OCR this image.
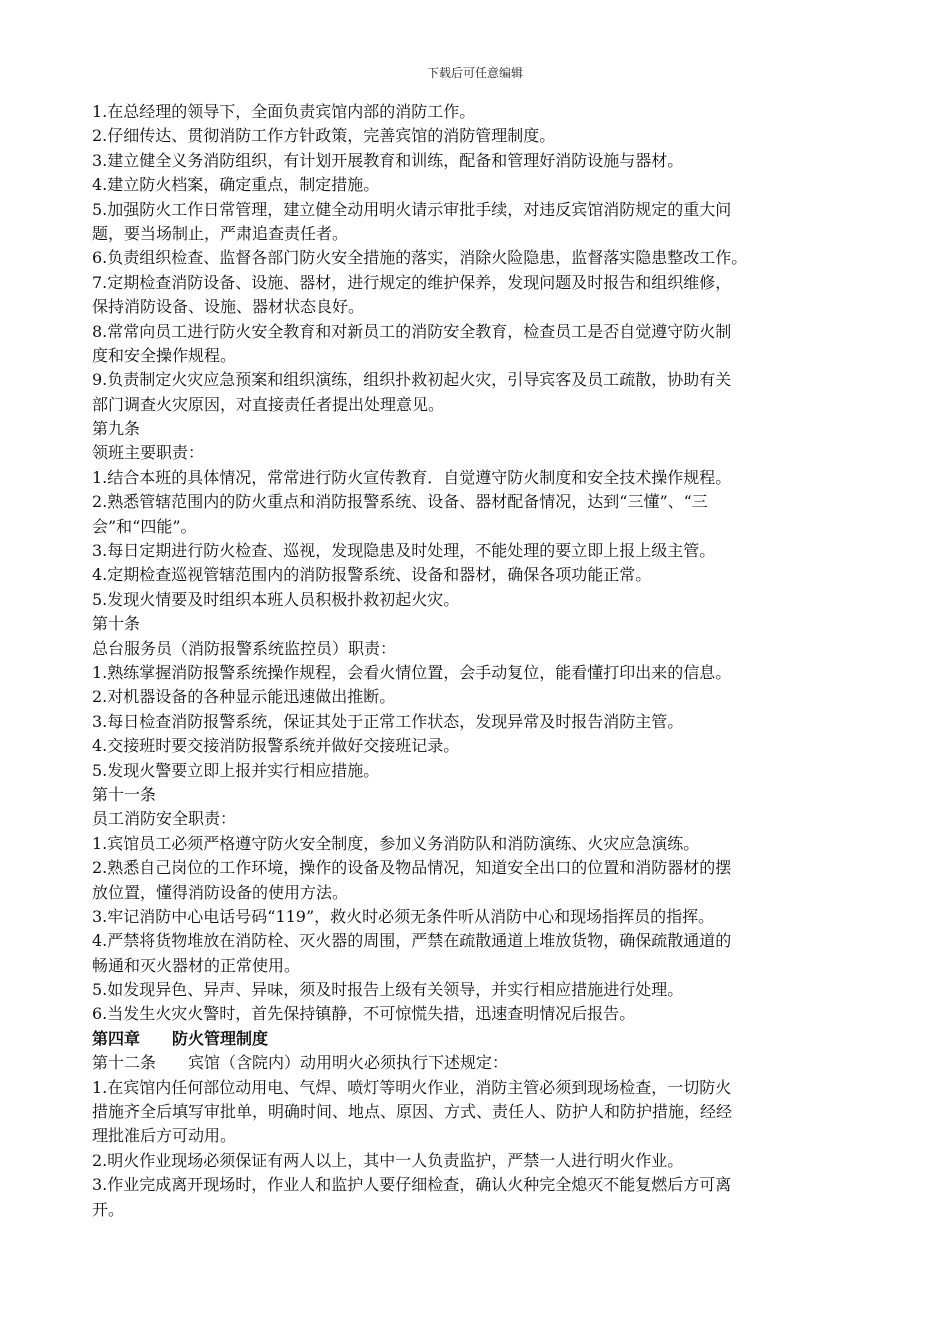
下载后可任意编辑
1.在总经理的领导下，全面负责宾馆内部的消防工作。
2.仔细传达、贯彻消防工作方针政策，完善宾馆的消防管理制度。
3.建立健全义务消防组织，有计划开展教育和训练，配备和管理好消防设施与器材。
4.建立防火档案，确定重点，制定措施。
5.加强防火工作日常管理，建立健全动用明火请示审批手续，对违反宾馆消防规定的重大问
题，要当场制止，严肃追查责任者。
6.负责组织检查、监督各部门防火安全措施的落实，消除火险隐患，监督落实隐患整改工作。
7.定期检查消防设备、设施、器材，进行规定的维护保养，发现问题及时报告和组织维修，
保持消防设备、设施、器材状态良好。
8.常常向员工进行防火安全教育和对新员工的消防安全教育，检查员工是否自觉遵守防火制
度和安全操作规程。
9.负责制定火灾应急预案和组织演练，组织扑救初起火灾，引导宾客及员工疏散，协助有关
部门调查火灾原因，对直接责任者提出处理意见。
第九条
领班主要职责：
1.结合本班的具体情况，常常进行防火宣传教育．自觉遵守防火制度和安全技术操作规程。
2.熟悉管辖范围内的防火重点和消防报警系统、设备、器材配备情况，达到“三懂”、“三
会”和“四能”。
3.每日定期进行防火检查、巡视，发现隐患及时处理，不能处理的要立即上报上级主管。
4.定期检查巡视管辖范围内的消防报警系统、设备和器材，确保各项功能正常。
5.发现火情要及时组织本班人员积极扑救初起火灾。
第十条
总台服务员（消防报警系统监控员）职责：
1.熟练掌握消防报警系统操作规程，会看火情位置，会手动复位，能看懂打印出来的信息。
2.对机器设备的各种显示能迅速做出推断。
3.每日检查消防报警系统，保证其处于正常工作状态，发现异常及时报告消防主管。
4.交接班时要交接消防报警系统并做好交接班记录。
5.发现火警要立即上报并实行相应措施。
第十一条
员工消防安全职责：
1.宾馆员工必须严格遵守防火安全制度，参加义务消防队和消防演练、火灾应急演练。
2.熟悉自己岗位的工作环境，操作的设备及物品情况，知道安全出口的位置和消防器材的摆
放位置，懂得消防设备的使用方法。
3.牢记消防中心电话号码“119”，救火时必须无条件听从消防中心和现场指挥员的指挥。
4.严禁将货物堆放在消防栓、灭火器的周围，严禁在疏散通道上堆放货物，确保疏散通道的
畅通和灭火器材的正常使用。
5.如发现异色、异声、异味，须及时报告上级有关领导，并实行相应措施进行处理。
6.当发生火灾火警时，首先保持镇静，不可惊慌失措，迅速查明情况后报告。
第四章 防火管理制度
第十二条 宾馆（含院内）动用明火必须执行下述规定：
1.在宾馆内任何部位动用电、气焊、喷灯等明火作业，消防主管必须到现场检查，一切防火
措施齐全后填写审批单，明确时间、地点、原因、方式、责任人、防护人和防护措施，经经
理批准后方可动用。
2.明火作业现场必须保证有两人以上，其中一人负责监护，严禁一人进行明火作业。
3.作业完成离开现场时，作业人和监护人要仔细检查，确认火种完全熄灭不能复燃后方可离
开。
